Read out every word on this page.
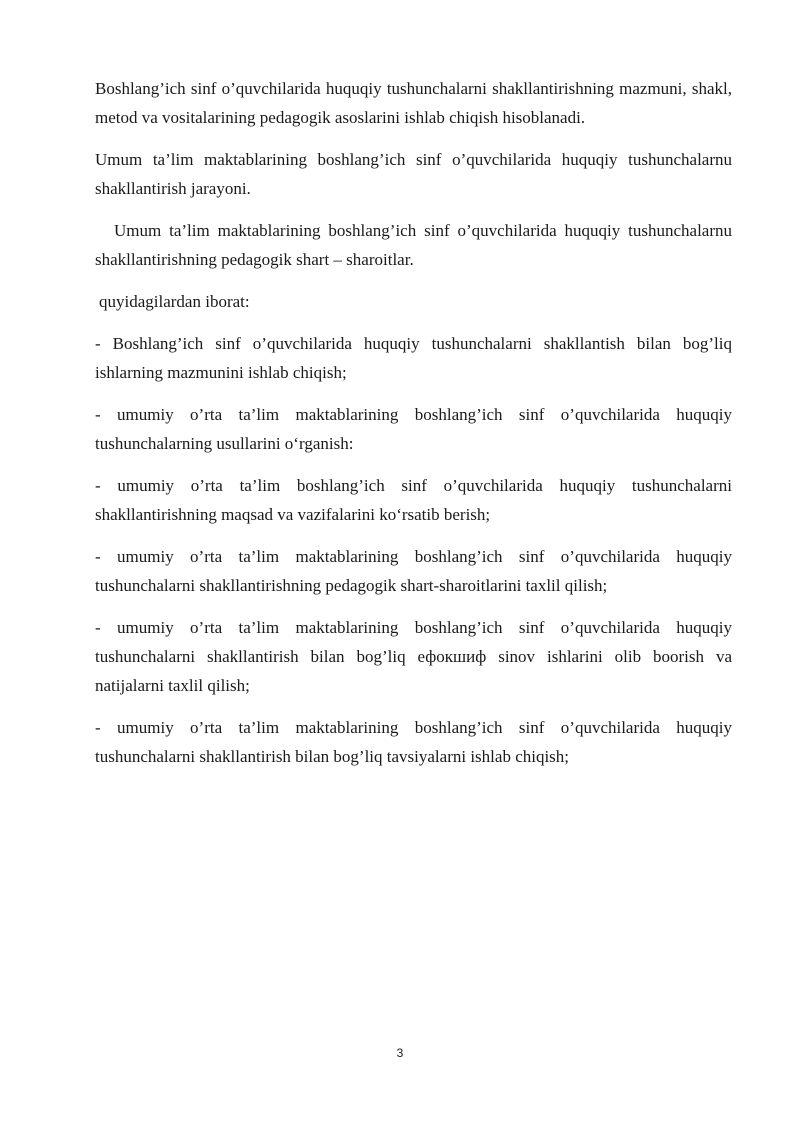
Boshlang’ich sinf o’quvchilarida huquqiy tushunchalarni shakllantirishning mazmuni, shakl, metod va vositalarining pedagogik asoslarini ishlab chiqish hisoblanadi.

Umum ta’lim maktablarining boshlang’ich sinf o’quvchilarida huquqiy tushunchalarnu shakllantirish jarayoni.

Umum ta’lim maktablarining boshlang’ich sinf o’quvchilarida huquqiy tushunchalarnu shakllantirishning pedagogik shart – sharoitlar.

quyidagilardan iborat:

- Boshlang’ich sinf o’quvchilarida huquqiy tushunchalarni shakllantish bilan bog’liq ishlarning mazmunini ishlab chiqish;

- umumiy o’rta ta’lim maktablarining boshlang’ich sinf o’quvchilarida huquqiy tushunchalarning usullarini o‘rganish:

- umumiy o’rta ta’lim boshlang’ich sinf o’quvchilarida huquqiy tushunchalarni shakllantirishning maqsad va vazifalarini ko‘rsatib berish;

- umumiy o’rta ta’lim maktablarining boshlang’ich sinf o’quvchilarida huquqiy tushunchalarni shakllantirishning pedagogik shart-sharoitlarini taxlil qilish;

- umumiy o’rta ta’lim maktablarining boshlang’ich sinf o’quvchilarida huquqiy tushunchalarni shakllantirish bilan bog’liq ефокшиф sinov ishlarini olib boorish va natijalarni taxlil qilish;

- umumiy o’rta ta’lim maktablarining boshlang’ich sinf o’quvchilarida huquqiy tushunchalarni shakllantirish bilan bog’liq tavsiyalarni ishlab chiqish;

3
